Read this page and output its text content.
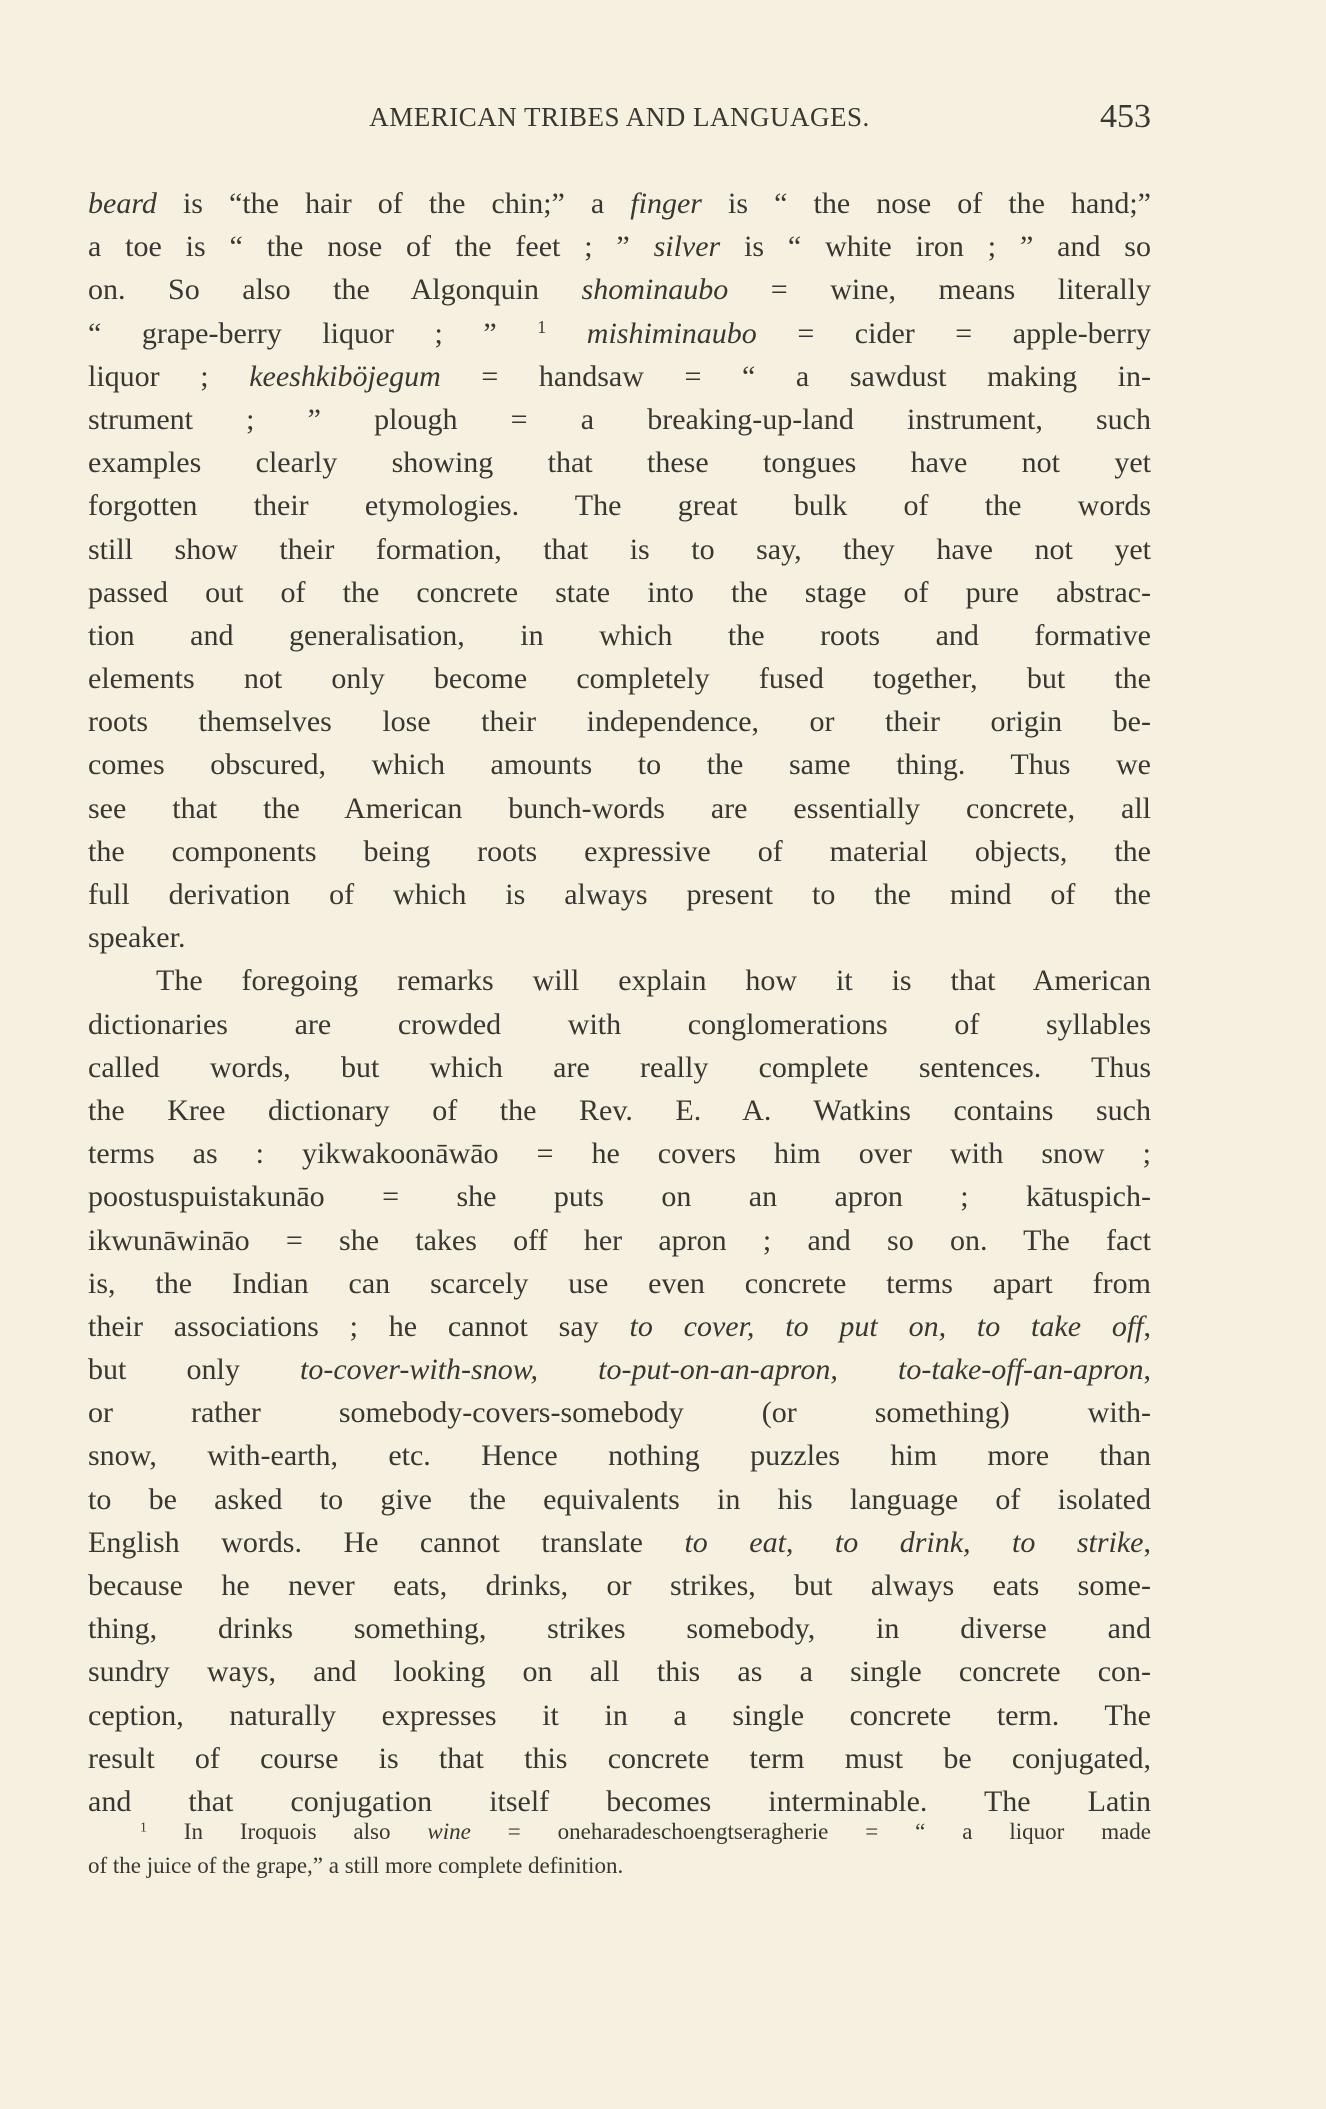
AMERICAN TRIBES AND LANGUAGES.	453
beard is “the hair of the chin;” a finger is “ the nose of the hand;”
a toe is “ the nose of the feet ; ” silver is “ white iron ; ” and so
on. So also the Algonquin shominaubo = wine, means literally
“ grape-berry liquor ; ” $^1$ mishiminaubo = cider = apple-berry
liquor ; keeshkiböjegum = handsaw = “ a sawdust making in-
strument ; ” plough = a breaking-up-land instrument, such
examples clearly showing that these tongues have not yet
forgotten their etymologies. The great bulk of the words
still show their formation, that is to say, they have not yet
passed out of the concrete state into the stage of pure abstrac-
tion and generalisation, in which the roots and formative
elements not only become completely fused together, but the
roots themselves lose their independence, or their origin be-
comes obscured, which amounts to the same thing. Thus we
see that the American bunch-words are essentially concrete, all
the components being roots expressive of material objects, the
full derivation of which is always present to the mind of the
speaker.
The foregoing remarks will explain how it is that American
dictionaries are crowded with conglomerations of syllables
called words, but which are really complete sentences. Thus
the Kree dictionary of the Rev. E. A. Watkins contains such
terms as : yikwakoonāwāo = he covers him over with snow ;
poostuspuistakunāo = she puts on an apron ; kātuspich-
ikwunāwināo = she takes off her apron ; and so on. The fact
is, the Indian can scarcely use even concrete terms apart from
their associations ; he cannot say to cover, to put on, to take off,
but only to-cover-with-snow, to-put-on-an-apron, to-take-off-an-apron,
or rather somebody-covers-somebody (or something) with-
snow, with-earth, etc. Hence nothing puzzles him more than
to be asked to give the equivalents in his language of isolated
English words. He cannot translate to eat, to drink, to strike,
because he never eats, drinks, or strikes, but always eats some-
thing, drinks something, strikes somebody, in diverse and
sundry ways, and looking on all this as a single concrete con-
ception, naturally expresses it in a single concrete term. The
result of course is that this concrete term must be conjugated,
and that conjugation itself becomes interminable. The Latin
$^1$ In Iroquois also wine = oneharadeschoengtseragherie = “ a liquor made
of the juice of the grape,” a still more complete definition.
